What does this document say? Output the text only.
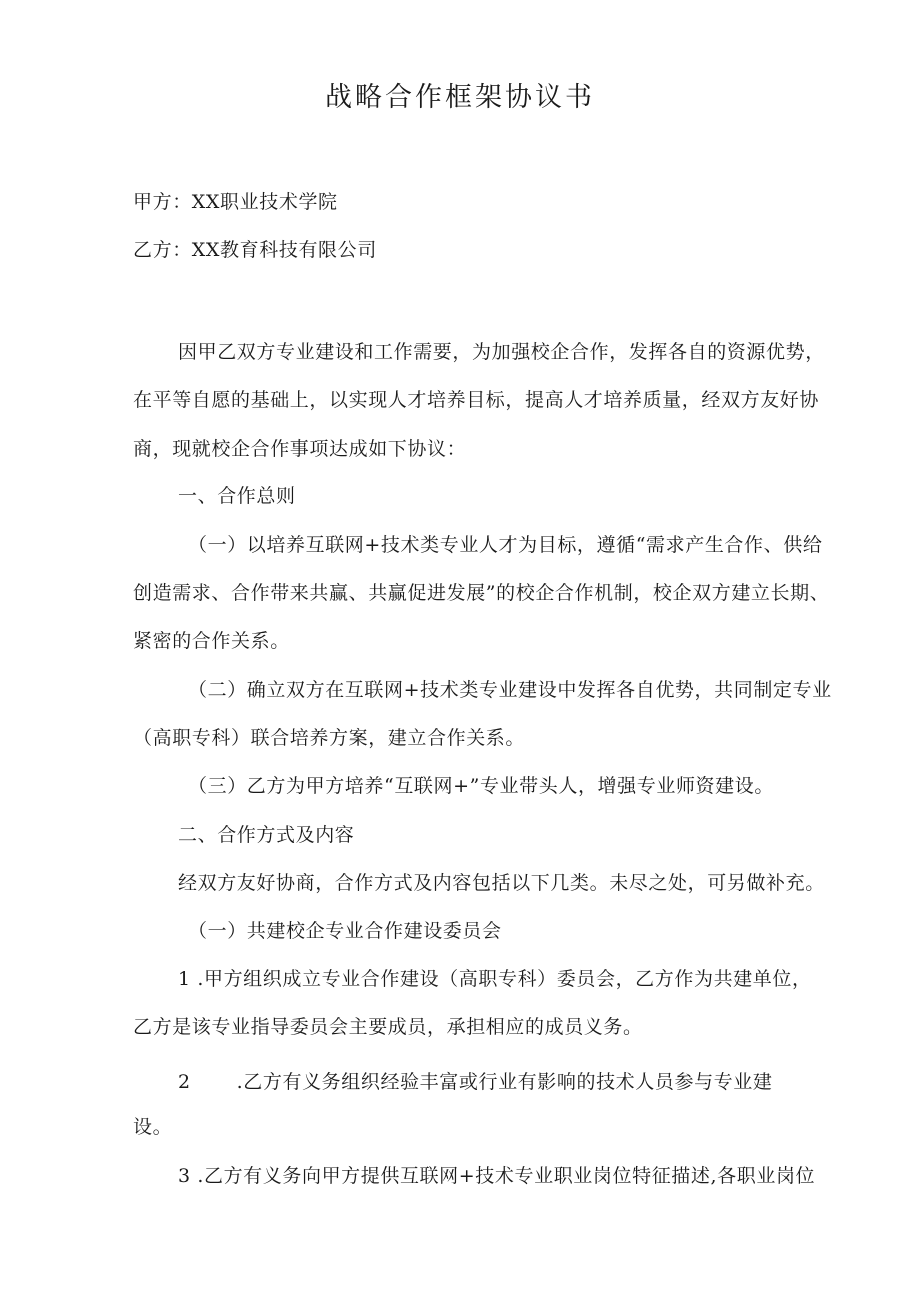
战略合作框架协议书
甲方：XX职业技术学院
乙方：XX教育科技有限公司
因甲乙双方专业建设和工作需要，为加强校企合作，发挥各自的资源优势，
在平等自愿的基础上，以实现人才培养目标，提高人才培养质量，经双方友好协
商，现就校企合作事项达成如下协议：
一、合作总则
（一）以培养互联网+技术类专业人才为目标，遵循“需求产生合作、供给
创造需求、合作带来共赢、共赢促进发展”的校企合作机制，校企双方建立长期、
紧密的合作关系。
（二）确立双方在互联网+技术类专业建设中发挥各自优势，共同制定专业
（高职专科）联合培养方案，建立合作关系。
（三）乙方为甲方培养“互联网+”专业带头人，增强专业师资建设。
二、合作方式及内容
经双方友好协商，合作方式及内容包括以下几类。未尽之处，可另做补充。
（一）共建校企专业合作建设委员会
1 .甲方组织成立专业合作建设（高职专科）委员会，乙方作为共建单位，
乙方是该专业指导委员会主要成员，承担相应的成员义务。
2 .乙方有义务组织经验丰富或行业有影响的技术人员参与专业建
设。
3 .乙方有义务向甲方提供互联网+技术专业职业岗位特征描述,各职业岗位
